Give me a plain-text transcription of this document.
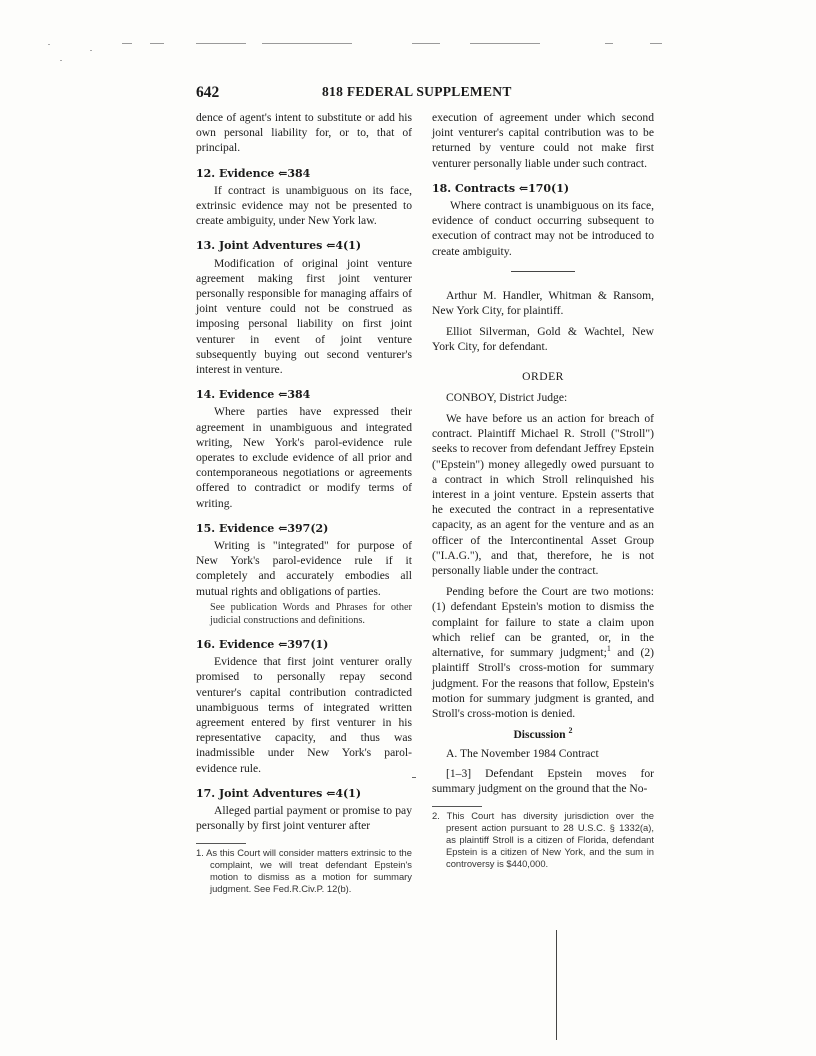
642	818 FEDERAL SUPPLEMENT

dence of agent's intent to substitute or add his own personal liability for, or to, that of principal.

12. Evidence ⇐384

If contract is unambiguous on its face, extrinsic evidence may not be presented to create ambiguity, under New York law.

13. Joint Adventures ⇐4(1)

Modification of original joint venture agreement making first joint venturer personally responsible for managing affairs of joint venture could not be construed as imposing personal liability on first joint venturer in event of joint venture subsequently buying out second venturer's interest in venture.

14. Evidence ⇐384

Where parties have expressed their agreement in unambiguous and integrated writing, New York's parol-evidence rule operates to exclude evidence of all prior and contemporaneous negotiations or agreements offered to contradict or modify terms of writing.

15. Evidence ⇐397(2)

Writing is "integrated" for purpose of New York's parol-evidence rule if it completely and accurately embodies all mutual rights and obligations of parties.

See publication Words and Phrases for other judicial constructions and definitions.

16. Evidence ⇐397(1)

Evidence that first joint venturer orally promised to personally repay second venturer's capital contribution contradicted unambiguous terms of integrated written agreement entered by first venturer in his representative capacity, and thus was inadmissible under New York's parol-evidence rule.

17. Joint Adventures ⇐4(1)

Alleged partial payment or promise to pay personally by first joint venturer after

1. As this Court will consider matters extrinsic to the complaint, we will treat defendant Epstein's motion to dismiss as a motion for summary judgment. See Fed.R.Civ.P. 12(b).

execution of agreement under which second joint venturer's capital contribution was to be returned by venture could not make first venturer personally liable under such contract.

18. Contracts ⇐170(1)

Where contract is unambiguous on its face, evidence of conduct occurring subsequent to execution of contract may not be introduced to create ambiguity.

Arthur M. Handler, Whitman & Ransom, New York City, for plaintiff.

Elliot Silverman, Gold & Wachtel, New York City, for defendant.

ORDER

CONBOY, District Judge:

We have before us an action for breach of contract. Plaintiff Michael R. Stroll ("Stroll") seeks to recover from defendant Jeffrey Epstein ("Epstein") money allegedly owed pursuant to a contract in which Stroll relinquished his interest in a joint venture. Epstein asserts that he executed the contract in a representative capacity, as an agent for the venture and as an officer of the Intercontinental Asset Group ("I.A.G."), and that, therefore, he is not personally liable under the contract.

Pending before the Court are two motions: (1) defendant Epstein's motion to dismiss the complaint for failure to state a claim upon which relief can be granted, or, in the alternative, for summary judgment;$^1$ and (2) plaintiff Stroll's cross-motion for summary judgment. For the reasons that follow, Epstein's motion for summary judgment is granted, and Stroll's cross-motion is denied.

Discussion $^2$

A. The November 1984 Contract

[1–3] Defendant Epstein moves for summary judgment on the ground that the No-

2. This Court has diversity jurisdiction over the present action pursuant to 28 U.S.C. § 1332(a), as plaintiff Stroll is a citizen of Florida, defendant Epstein is a citizen of New York, and the sum in controversy is $440,000.
